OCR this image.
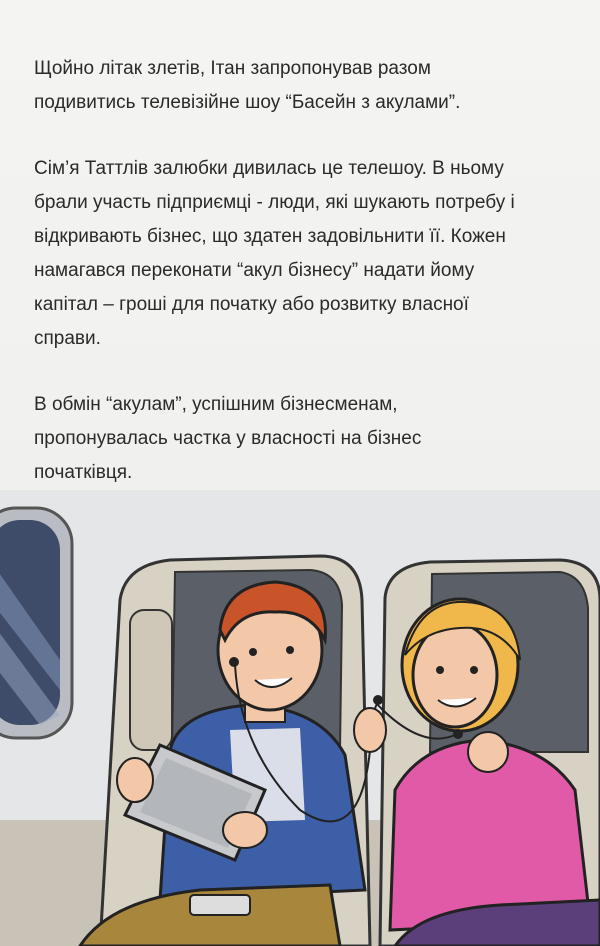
Щойно літак злетів, Ітан запропонував разом
подивитись телевізійне шоу “Басейн з акулами”.

Сім’я Таттлів залюбки дивилась це телешоу. В ньому
брали участь підприємці - люди, які шукають потребу і
відкривають бізнес, що здатен задовільнити її. Кожен
намагався переконати “акул бізнесу” надати йому
капітал – гроші для початку або розвитку власної
справи.

В обмін “акулам”, успішним бізнесменам,
пропонувалась частка у власності на бізнес
початківця.
